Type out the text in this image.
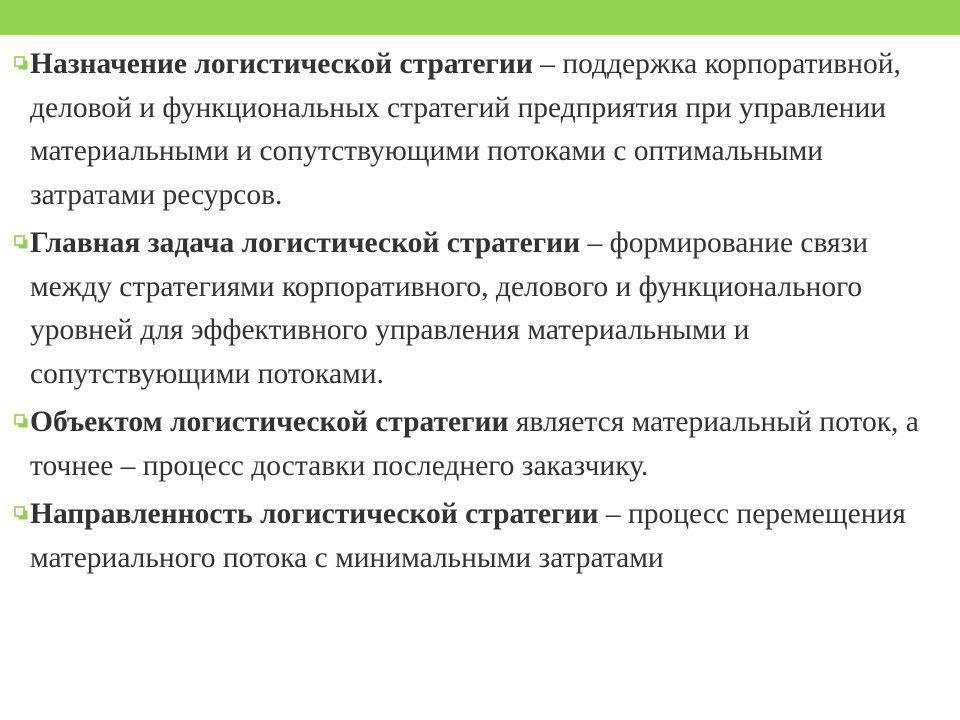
Назначение логистической стратегии – поддержка корпоративной, деловой и функциональных стратегий предприятия при управлении материальными и сопутствующими потоками с оптимальными затратами ресурсов.
Главная задача логистической стратегии – формирование связи между стратегиями корпоративного, делового и функционального уровней для эффективного управления материальными и сопутствующими потоками.
Объектом логистической стратегии является материальный поток, а точнее – процесс доставки последнего заказчику.
Направленность логистической стратегии – процесс перемещения материального потока с минимальными затратами
